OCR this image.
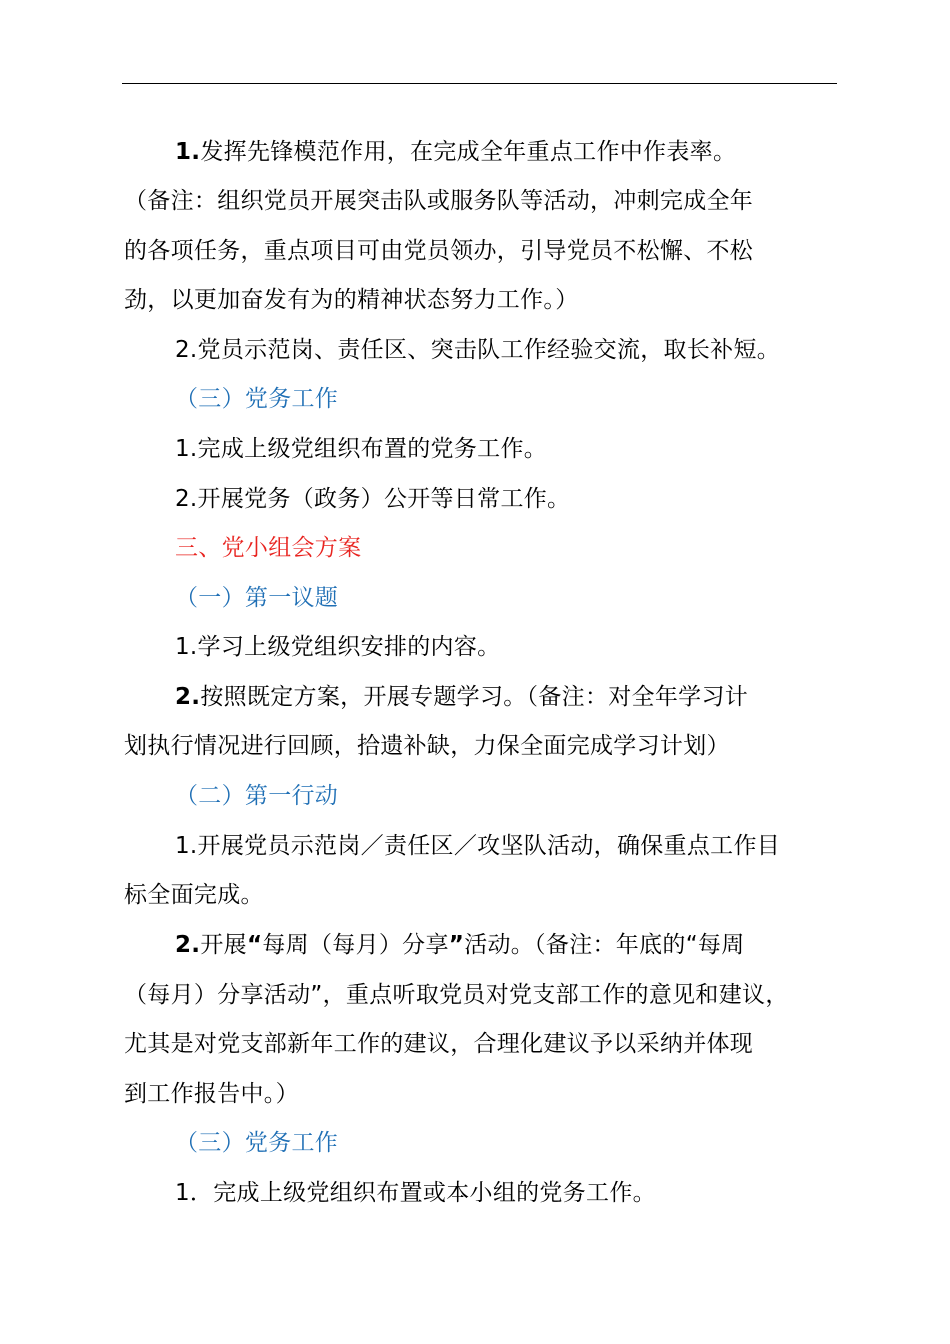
1.发挥先锋模范作用，在完成全年重点工作中作表率。
（备注：组织党员开展突击队或服务队等活动，冲刺完成全年
的各项任务，重点项目可由党员领办，引导党员不松懈、不松
劲，以更加奋发有为的精神状态努力工作。）
2.党员示范岗、责任区、突击队工作经验交流，取长补短。
（三）党务工作
1.完成上级党组织布置的党务工作。
2.开展党务（政务）公开等日常工作。
三、党小组会方案
（一）第一议题
1.学习上级党组织安排的内容。
2.按照既定方案，开展专题学习。（备注：对全年学习计
划执行情况进行回顾，拾遗补缺，力保全面完成学习计划）
（二）第一行动
1.开展党员示范岗／责任区／攻坚队活动，确保重点工作目
标全面完成。
2.开展“每周（每月）分享”活动。（备注：年底的“每周
（每月）分享活动”，重点听取党员对党支部工作的意见和建议，
尤其是对党支部新年工作的建议，合理化建议予以采纳并体现
到工作报告中。）
（三）党务工作
1．完成上级党组织布置或本小组的党务工作。
